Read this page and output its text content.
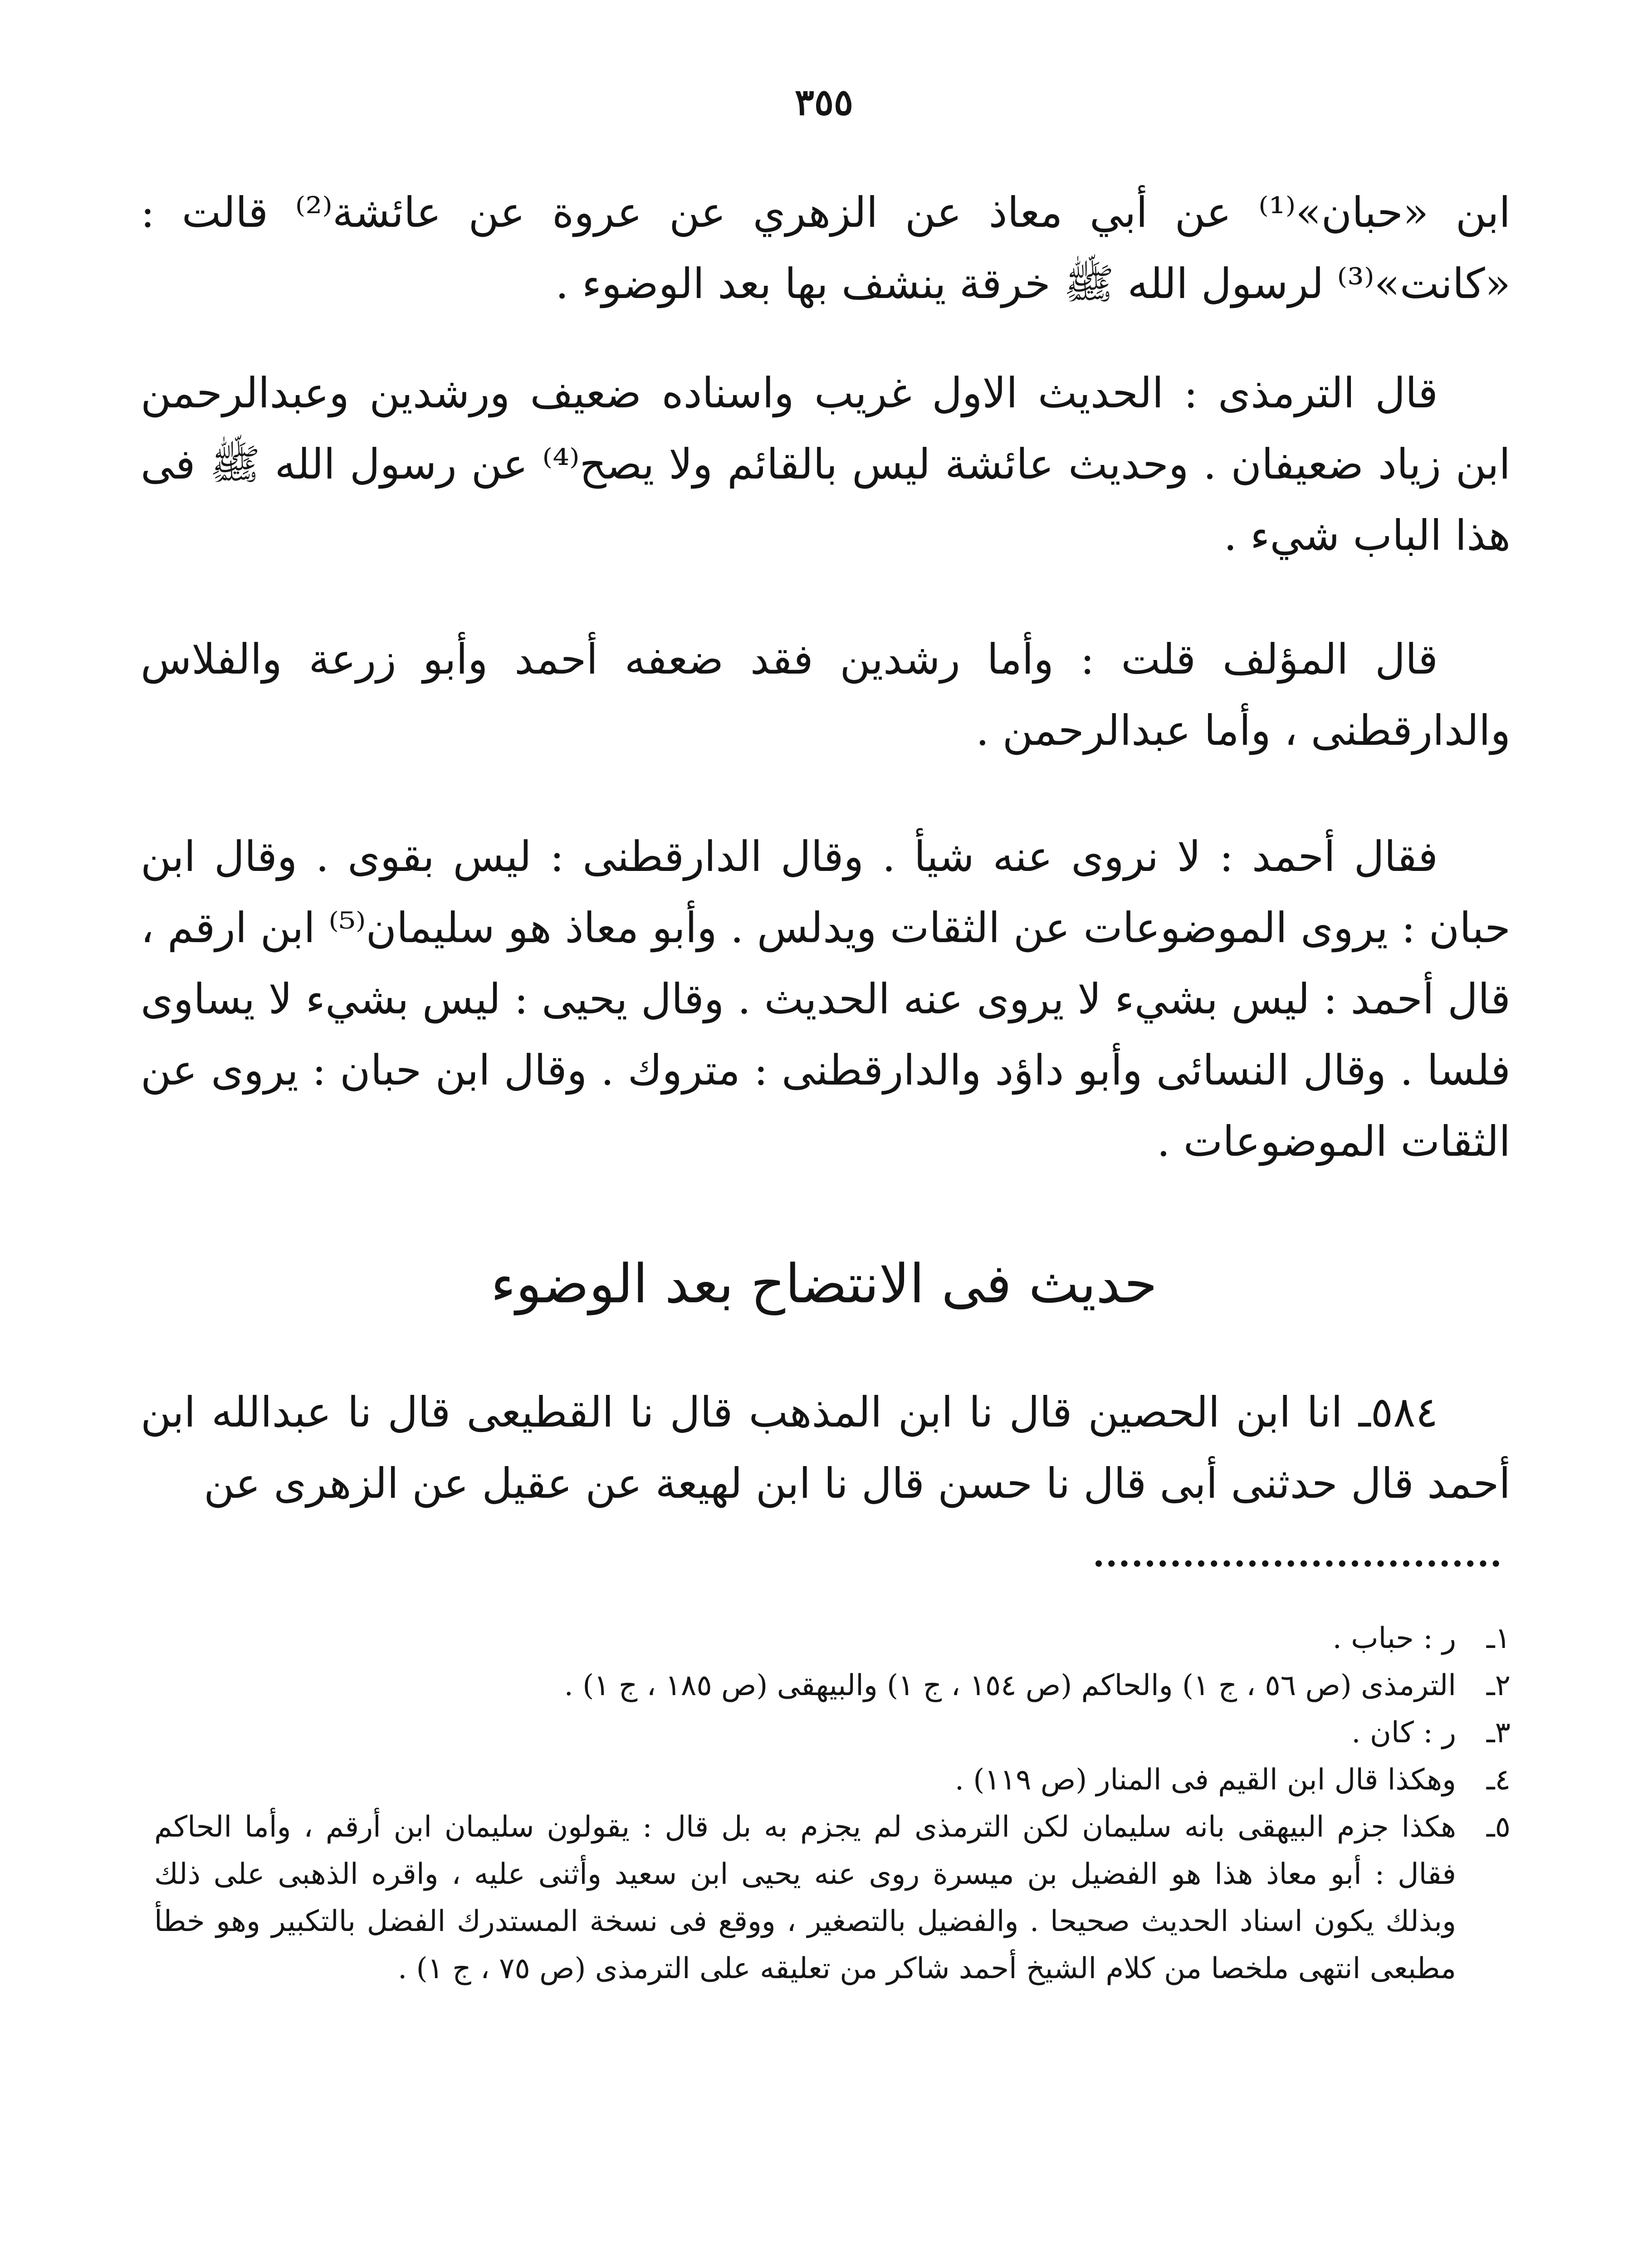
٣٥٥

ابن «حبان»⁽¹⁾ عن أبي معاذ عن الزهري عن عروة عن عائشة⁽²⁾ قالت : «كانت»⁽³⁾ لرسول الله ﷺ خرقة ينشف بها بعد الوضوء .

قال الترمذى : الحديث الاول غريب واسناده ضعيف ورشدين وعبدالرحمن ابن زياد ضعيفان . وحديث عائشة ليس بالقائم ولا يصح⁽⁴⁾ عن رسول الله ﷺ فى هذا الباب شيء .

قال المؤلف قلت : وأما رشدين فقد ضعفه أحمد وأبو زرعة والفلاس والدارقطنى ، وأما عبدالرحمن .

فقال أحمد : لا نروى عنه شيأ . وقال الدارقطنى : ليس بقوى . وقال ابن حبان : يروى الموضوعات عن الثقات ويدلس . وأبو معاذ هو سليمان⁽⁵⁾ ابن ارقم ، قال أحمد : ليس بشيء لا يروى عنه الحديث . وقال يحيى : ليس بشيء لا يساوى فلسا . وقال النسائى وأبو داؤد والدارقطنى : متروك . وقال ابن حبان : يروى عن الثقات الموضوعات .

حديث فى الانتضاح بعد الوضوء

٥٨٤ـ انا ابن الحصين قال نا ابن المذهب قال نا القطيعى قال نا عبدالله ابن أحمد قال حدثنى أبى قال نا حسن قال نا ابن لهيعة عن عقيل عن الزهرى عن

١ـ
ر : حباب .
٢ـ
الترمذى (ص ٥٦ ، ج ١) والحاكم (ص ١٥٤ ، ج ١) والبيهقى (ص ١٨٥ ، ج ١) .
٣ـ
ر : كان .
٤ـ
وهكذا قال ابن القيم فى المنار (ص ١١٩) .
٥ـ
هكذا جزم البيهقى بانه سليمان لكن الترمذى لم يجزم به بل قال : يقولون سليمان ابن أرقم ، وأما الحاكم فقال : أبو معاذ هذا هو الفضيل بن ميسرة روى عنه يحيى ابن سعيد وأثنى عليه ، واقره الذهبى على ذلك وبذلك يكون اسناد الحديث صحيحا . والفضيل بالتصغير ، ووقع فى نسخة المستدرك الفضل بالتكبير وهو خطأ مطبعى انتهى ملخصا من كلام الشيخ أحمد شاكر من تعليقه على الترمذى (ص ٧٥ ، ج ١) .
